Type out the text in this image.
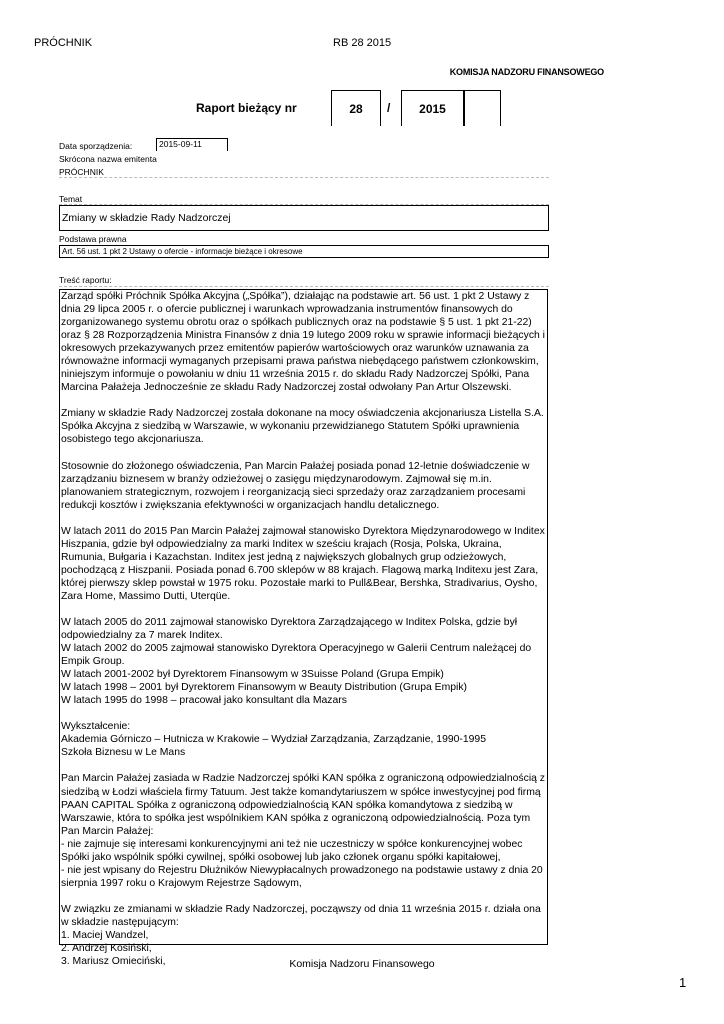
PRÓCHNIK	RB 28 2015
KOMISJA NADZORU FINANSOWEGO
Raport bieżący nr	28	/	2015
Data sporządzenia:	2015-09-11
Skrócona nazwa emitenta
PRÓCHNIK
Temat
Zmiany w składzie Rady Nadzorczej
Podstawa prawna
Art. 56 ust. 1 pkt 2 Ustawy o ofercie - informacje bieżące i okresowe
Treść raportu:

Zarząd spółki Próchnik Spółka Akcyjna („Spółka”), działając na podstawie art. 56 ust. 1 pkt 2 Ustawy z dnia 29 lipca 2005 r. o ofercie publicznej i warunkach wprowadzania instrumentów finansowych do zorganizowanego systemu obrotu oraz o spółkach publicznych oraz na podstawie § 5 ust. 1 pkt 21-22) oraz § 28 Rozporządzenia Ministra Finansów z dnia 19 lutego 2009 roku w sprawie informacji bieżących i okresowych przekazywanych przez emitentów papierów wartościowych oraz warunków uznawania za równoważne informacji wymaganych przepisami prawa państwa niebędącego państwem członkowskim, niniejszym informuje o powołaniu w dniu 11 września 2015 r. do składu Rady Nadzorczej Spółki, Pana Marcina Pałażeja Jednocześnie ze składu Rady Nadzorczej został odwołany Pan Artur Olszewski.

Zmiany w składzie Rady Nadzorczej została dokonane na mocy oświadczenia akcjonariusza Listella S.A. Spółka Akcyjna z siedzibą w Warszawie, w wykonaniu przewidzianego Statutem Spółki uprawnienia osobistego tego akcjonariusza.

Stosownie do złożonego oświadczenia, Pan Marcin Pałażej posiada ponad 12-letnie doświadczenie w zarządzaniu biznesem w branży odzieżowej o zasięgu międzynarodowym. Zajmował się m.in. planowaniem strategicznym, rozwojem i reorganizacją sieci sprzedaży oraz zarządzaniem procesami redukcji kosztów i zwiększania efektywności w organizacjach handlu detalicznego.

W latach 2011 do 2015 Pan Marcin Pałażej zajmował stanowisko Dyrektora Międzynarodowego w Inditex Hiszpania, gdzie był odpowiedzialny za marki Inditex w sześciu krajach (Rosja, Polska, Ukraina, Rumunia, Bułgaria i Kazachstan. Inditex jest jedną z największych globalnych grup odzieżowych, pochodzącą z Hiszpanii. Posiada ponad 6.700 sklepów w 88 krajach. Flagową marką Inditexu jest Zara, której pierwszy sklep powstał w 1975 roku. Pozostałe marki to Pull&Bear, Bershka, Stradivarius, Oysho, Zara Home, Massimo Dutti, Uterqüe.

W latach 2005 do 2011 zajmował stanowisko Dyrektora Zarządzającego w Inditex Polska, gdzie był odpowiedzialny za 7 marek Inditex.
W latach 2002 do 2005 zajmował stanowisko Dyrektora Operacyjnego w Galerii Centrum należącej do Empik Group.
W latach 2001-2002 był Dyrektorem Finansowym w 3Suisse Poland (Grupa Empik)
W latach 1998 – 2001 był Dyrektorem Finansowym w Beauty Distribution (Grupa Empik)
W latach 1995 do 1998 – pracował jako konsultant dla Mazars

Wykształcenie:
Akademia Górniczo – Hutnicza w Krakowie – Wydział Zarządzania, Zarządzanie, 1990-1995
Szkoła Biznesu w Le Mans

Pan Marcin Pałażej zasiada w Radzie Nadzorczej spółki KAN spółka z ograniczoną odpowiedzialnością z siedzibą w Łodzi właściela firmy Tatuum. Jest także komandytariuszem w spółce inwestycyjnej pod firmą PAAN CAPITAL Spółka z ograniczoną odpowiedzialnością KAN spółka komandytowa z siedzibą w Warszawie, która to spółka jest wspólnikiem KAN spółka z ograniczoną odpowiedzialnością. Poza tym Pan Marcin Pałażej:
- nie zajmuje się interesami konkurencyjnymi ani też nie uczestniczy w spółce konkurencyjnej wobec Spółki jako wspólnik spółki cywilnej, spółki osobowej lub jako członek organu spółki kapitałowej,
- nie jest wpisany do Rejestru Dłużników Niewypłacalnych prowadzonego na podstawie ustawy z dnia 20 sierpnia 1997 roku o Krajowym Rejestrze Sądowym,

W związku ze zmianami w składzie Rady Nadzorczej, począwszy od dnia 11 września 2015 r. działa ona w składzie następującym:
1. Maciej Wandzel,
2. Andrzej Kosiński,
3. Mariusz Omieciński,	Komisja Nadzoru Finansowego
1
